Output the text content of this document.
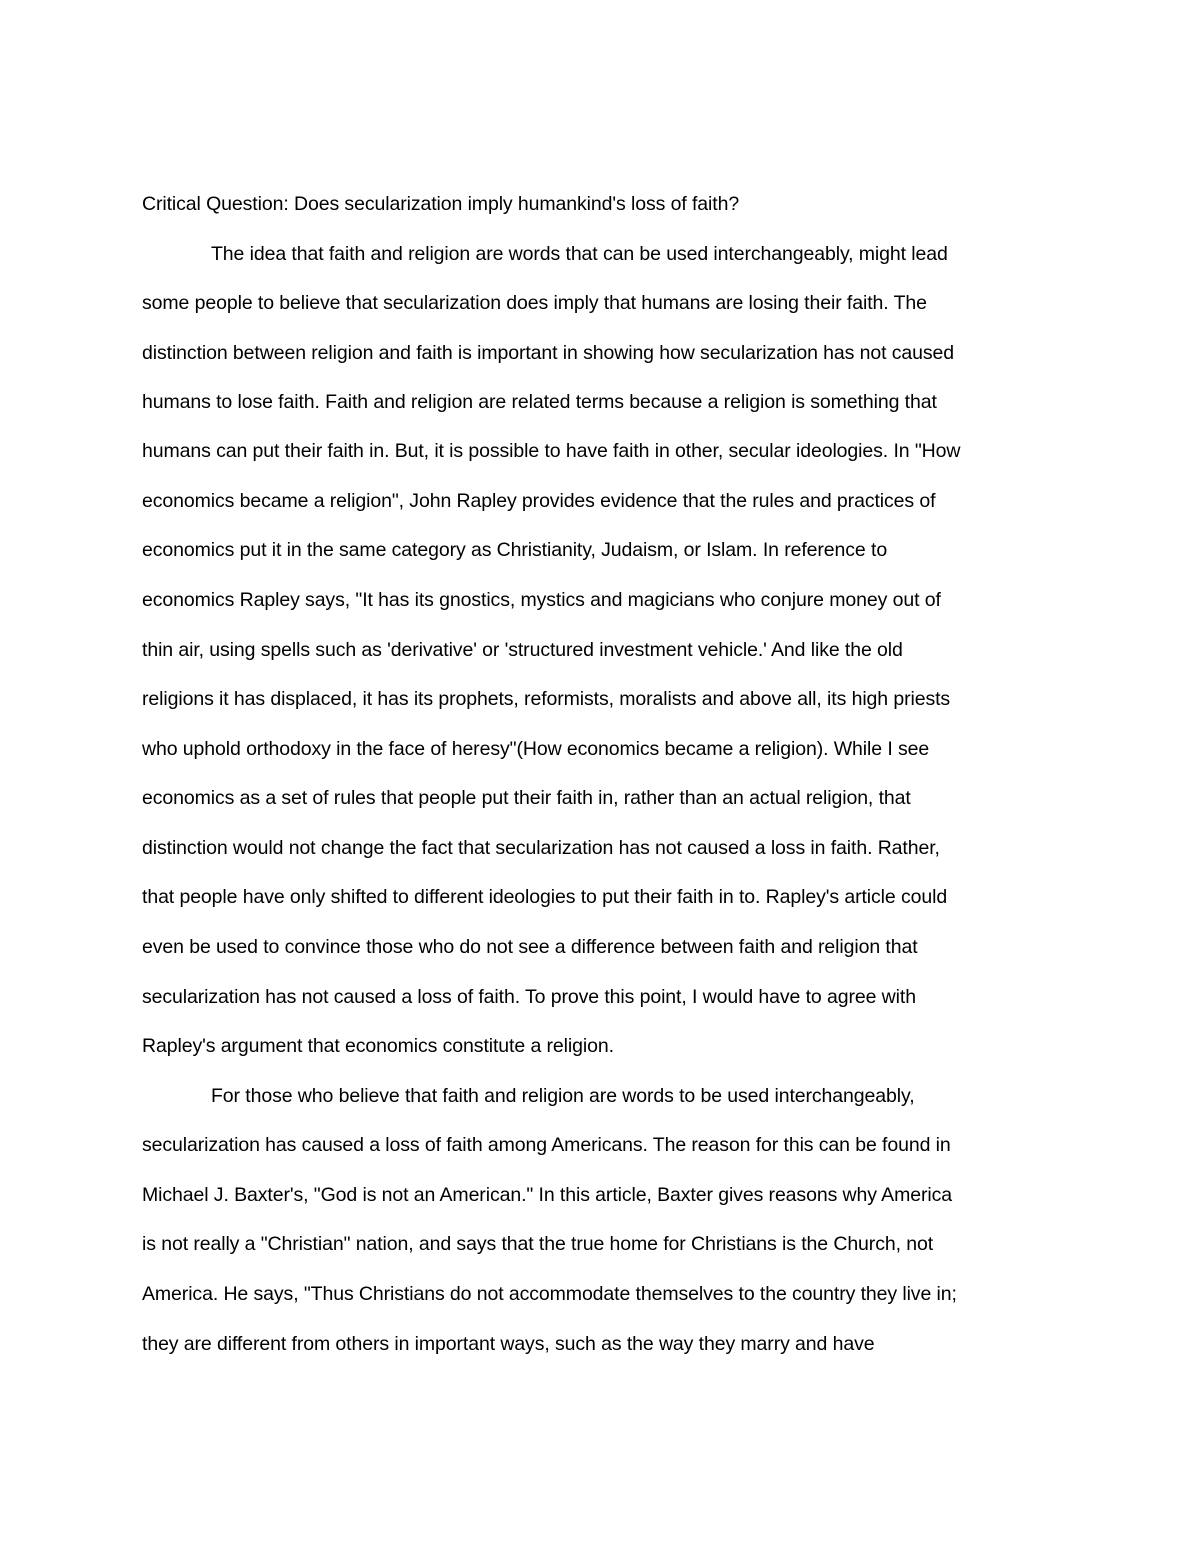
Critical Question: Does secularization imply humankind's loss of faith?
The idea that faith and religion are words that can be used interchangeably, might lead
some people to believe that secularization does imply that humans are losing their faith. The
distinction between religion and faith is important in showing how secularization has not caused
humans to lose faith. Faith and religion are related terms because a religion is something that
humans can put their faith in. But, it is possible to have faith in other, secular ideologies. In "How
economics became a religion", John Rapley provides evidence that the rules and practices of
economics put it in the same category as Christianity, Judaism, or Islam. In reference to
economics Rapley says, "It has its gnostics, mystics and magicians who conjure money out of
thin air, using spells such as 'derivative' or 'structured investment vehicle.' And like the old
religions it has displaced, it has its prophets, reformists, moralists and above all, its high priests
who uphold orthodoxy in the face of heresy"(How economics became a religion). While I see
economics as a set of rules that people put their faith in, rather than an actual religion, that
distinction would not change the fact that secularization has not caused a loss in faith. Rather,
that people have only shifted to different ideologies to put their faith in to. Rapley's article could
even be used to convince those who do not see a difference between faith and religion that
secularization has not caused a loss of faith. To prove this point, I would have to agree with
Rapley's argument that economics constitute a religion.
For those who believe that faith and religion are words to be used interchangeably,
secularization has caused a loss of faith among Americans. The reason for this can be found in
Michael J. Baxter's, "God is not an American." In this article, Baxter gives reasons why America
is not really a "Christian" nation, and says that the true home for Christians is the Church, not
America. He says, "Thus Christians do not accommodate themselves to the country they live in;
they are different from others in important ways, such as the way they marry and have
